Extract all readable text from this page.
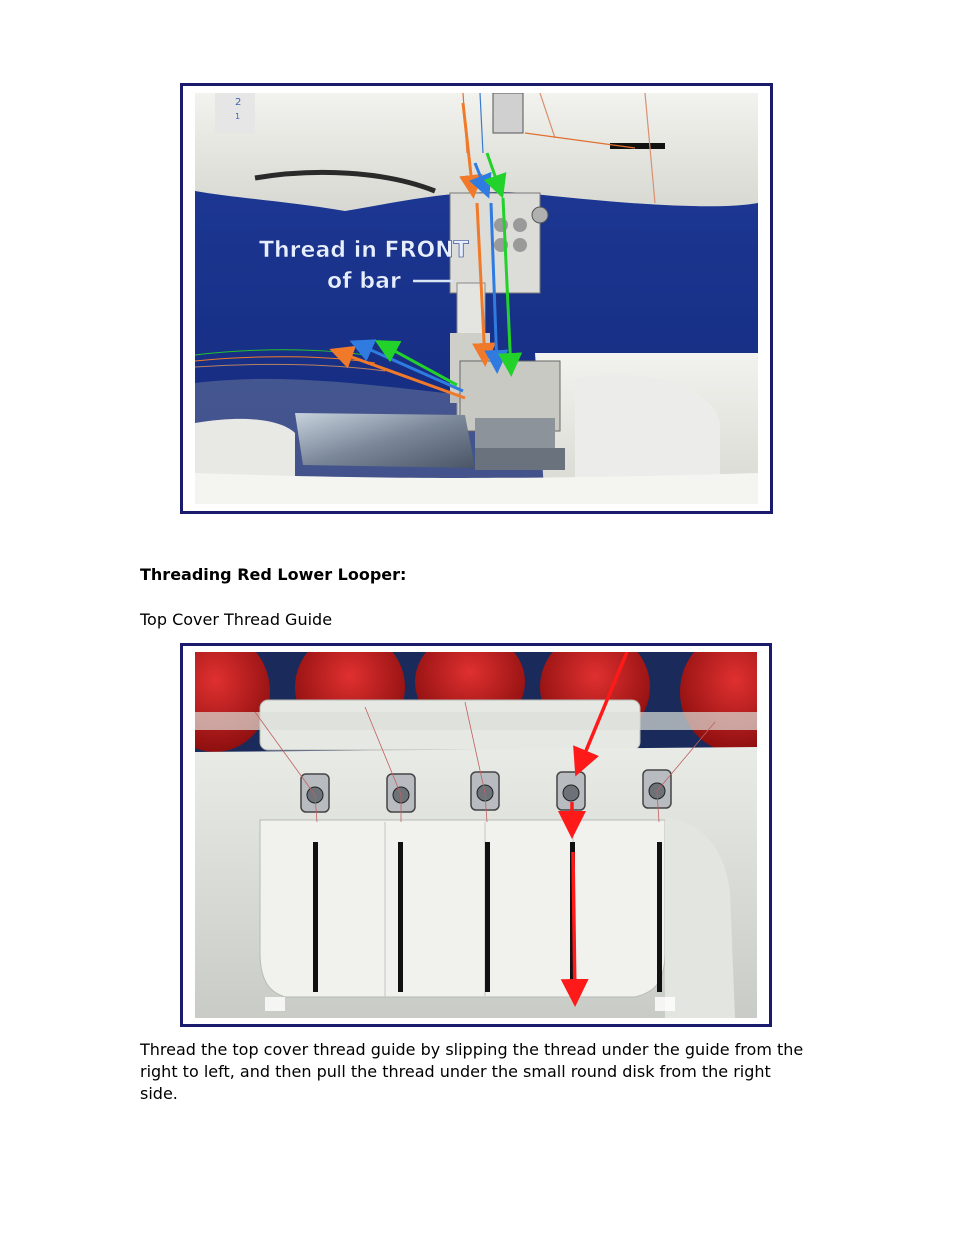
2
1
Thread in FRONT
of bar

Threading Red Lower Looper:

Top Cover Thread Guide

Thread the top cover thread guide by slipping the thread under the guide from the right to left, and then pull the thread under the small round disk from the right side.
